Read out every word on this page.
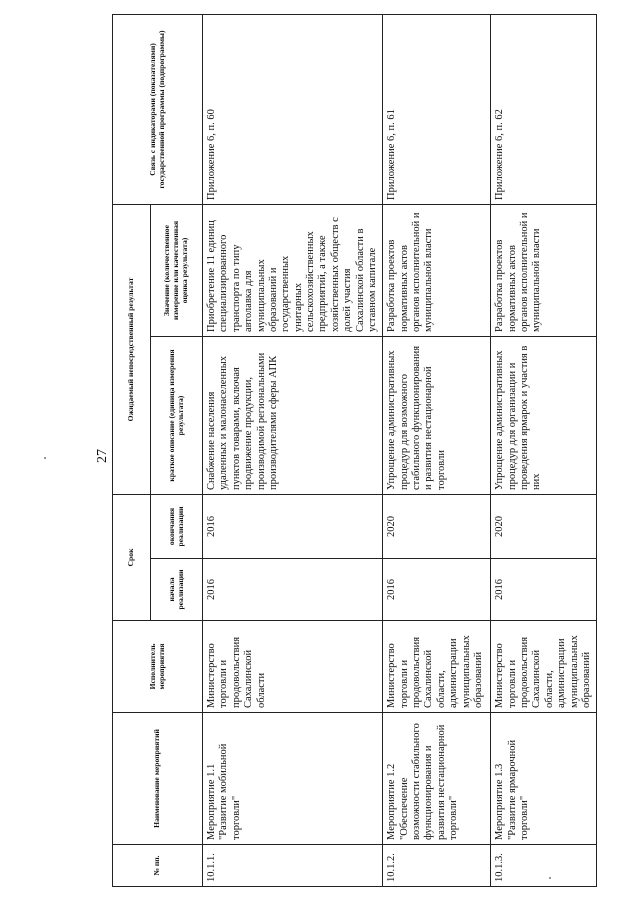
27
№ пп.	Наименование мероприятий	Исполнитель мероприятия	Срок		Ожидаемый непосредственный результат		Связь с индикаторами (показателями) государственной программы (подпрограммы)
			начала реализации	окончания реализации	краткое описание (единица измерения результата)	Значение (количественное измерение или качественная оценка результата)	
10.1.1.	Мероприятие 1.1 "Развитие мобильной торговли"	Министерство торговли и продовольствия Сахалинской области	2016	2016	Снабжение населения удаленных и малонаселенных пунктов товарами, включая продвижение продукции, производимой региональными производителями сферы АПК	Приобретение 11 единиц специализированного транспорта по типу автолавка для муниципальных образований и государственных унитарных сельскохозяйственных предприятий, а также хозяйственных обществ с долей участия Сахалинской области в уставном капитале	Приложение 6, п. 60
10.1.2.	Мероприятие 1.2 "Обеспечение возможности стабильного функционирования и развития нестационарной торговли"	Министерство торговли и продовольствия Сахалинской области, администрации муниципальных образований	2016	2020	Упрощение административных процедур для возможного стабильного функционирования и развития нестационарной торговли	Разработка проектов нормативных актов органов исполнительной и муниципальной власти	Приложение 6, п. 61
10.1.3.	Мероприятие 1.3 "Развитие ярмарочной торговли"	Министерство торговли и продовольствия Сахалинской области, администрации муниципальных образований	2016	2020	Упрощение административных процедур для организации и проведения ярмарок и участия в них	Разработка проектов нормативных актов органов исполнительной и муниципальной власти	Приложение 6, п. 62
